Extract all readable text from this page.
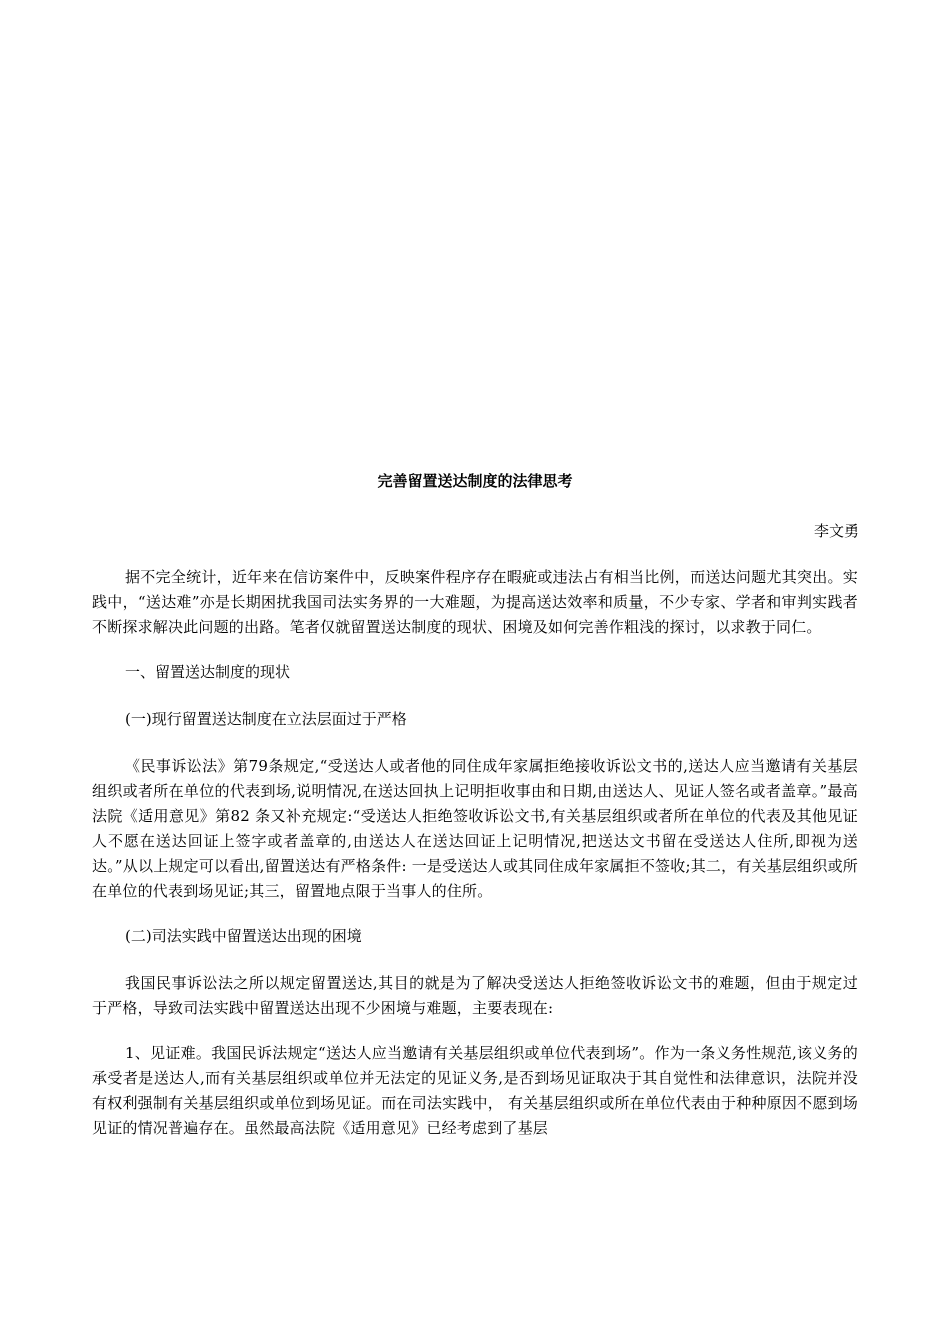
完善留置送达制度的法律思考

李文勇

据不完全统计，近年来在信访案件中，反映案件程序存在暇疵或违法占有相当比例，而送达问题尤其突出。实践中，“送达难”亦是长期困扰我国司法实务界的一大难题，为提高送达效率和质量，不少专家、学者和审判实践者不断探求解决此问题的出路。笔者仅就留置送达制度的现状、困境及如何完善作粗浅的探讨，以求教于同仁。

一、留置送达制度的现状

(一)现行留置送达制度在立法层面过于严格

《民事诉讼法》第79条规定,“受送达人或者他的同住成年家属拒绝接收诉讼文书的,送达人应当邀请有关基层组织或者所在单位的代表到场,说明情况,在送达回执上记明拒收事由和日期,由送达人、见证人签名或者盖章。”最高法院《适用意见》第82 条又补充规定:“受送达人拒绝签收诉讼文书,有关基层组织或者所在单位的代表及其他见证人不愿在送达回证上签字或者盖章的,由送达人在送达回证上记明情况,把送达文书留在受送达人住所,即视为送达。”从以上规定可以看出,留置送达有严格条件: 一是受送达人或其同住成年家属拒不签收;其二，有关基层组织或所在单位的代表到场见证;其三，留置地点限于当事人的住所。

(二)司法实践中留置送达出现的困境

我国民事诉讼法之所以规定留置送达,其目的就是为了解决受送达人拒绝签收诉讼文书的难题，但由于规定过于严格，导致司法实践中留置送达出现不少困境与难题，主要表现在:

1、见证难。我国民诉法规定“送达人应当邀请有关基层组织或单位代表到场”。作为一条义务性规范,该义务的承受者是送达人,而有关基层组织或单位并无法定的见证义务,是否到场见证取决于其自觉性和法律意识，法院并没有权利强制有关基层组织或单位到场见证。而在司法实践中， 有关基层组织或所在单位代表由于种种原因不愿到场见证的情况普遍存在。虽然最高法院《适用意见》已经考虑到了基层
